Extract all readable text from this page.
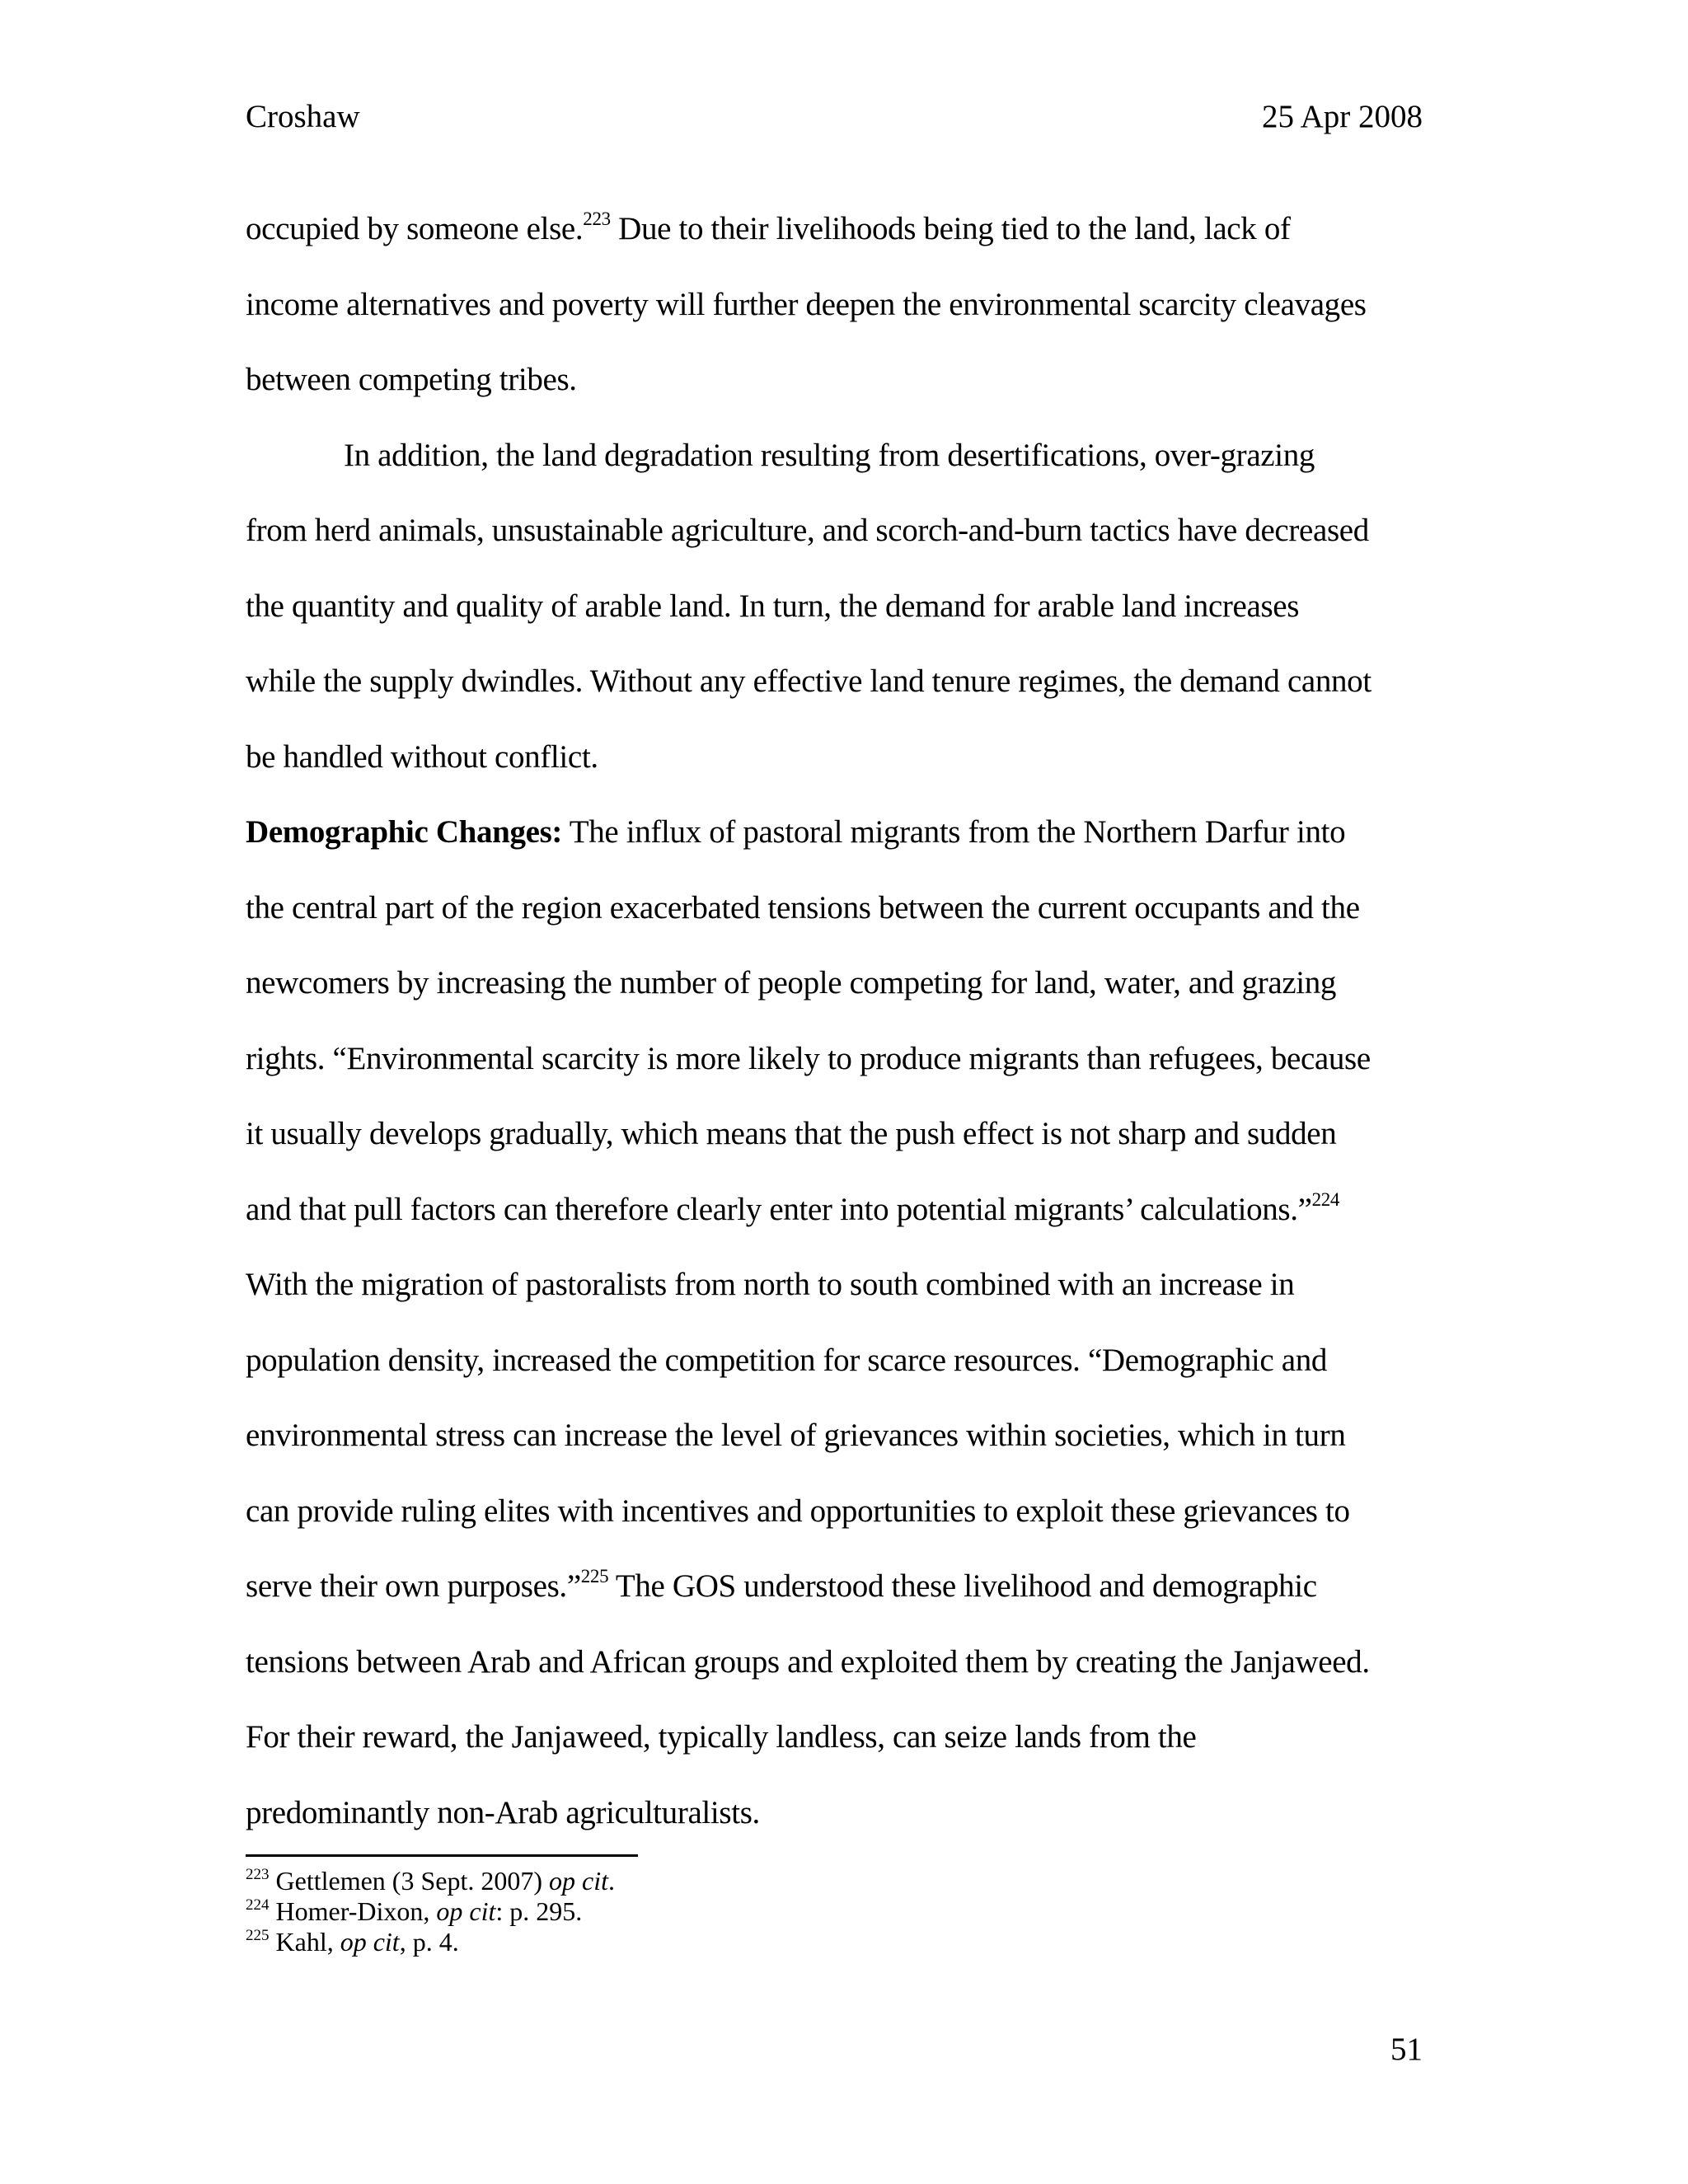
Croshaw	25 Apr 2008
occupied by someone else.$^{223}$ Due to their livelihoods being tied to the land, lack of
income alternatives and poverty will further deepen the environmental scarcity cleavages
between competing tribes.
In addition, the land degradation resulting from desertifications, over-grazing
from herd animals, unsustainable agriculture, and scorch-and-burn tactics have decreased
the quantity and quality of arable land. In turn, the demand for arable land increases
while the supply dwindles. Without any effective land tenure regimes, the demand cannot
be handled without conflict.
Demographic Changes: The influx of pastoral migrants from the Northern Darfur into
the central part of the region exacerbated tensions between the current occupants and the
newcomers by increasing the number of people competing for land, water, and grazing
rights. “Environmental scarcity is more likely to produce migrants than refugees, because
it usually develops gradually, which means that the push effect is not sharp and sudden
and that pull factors can therefore clearly enter into potential migrants’ calculations.”$^{224}$
With the migration of pastoralists from north to south combined with an increase in
population density, increased the competition for scarce resources. “Demographic and
environmental stress can increase the level of grievances within societies, which in turn
can provide ruling elites with incentives and opportunities to exploit these grievances to
serve their own purposes.”$^{225}$ The GOS understood these livelihood and demographic
tensions between Arab and African groups and exploited them by creating the Janjaweed.
For their reward, the Janjaweed, typically landless, can seize lands from the
predominantly non-Arab agriculturalists.
$^{223}$ Gettlemen (3 Sept. 2007) op cit.
$^{224}$ Homer-Dixon, op cit: p. 295.
$^{225}$ Kahl, op cit, p. 4.
51
